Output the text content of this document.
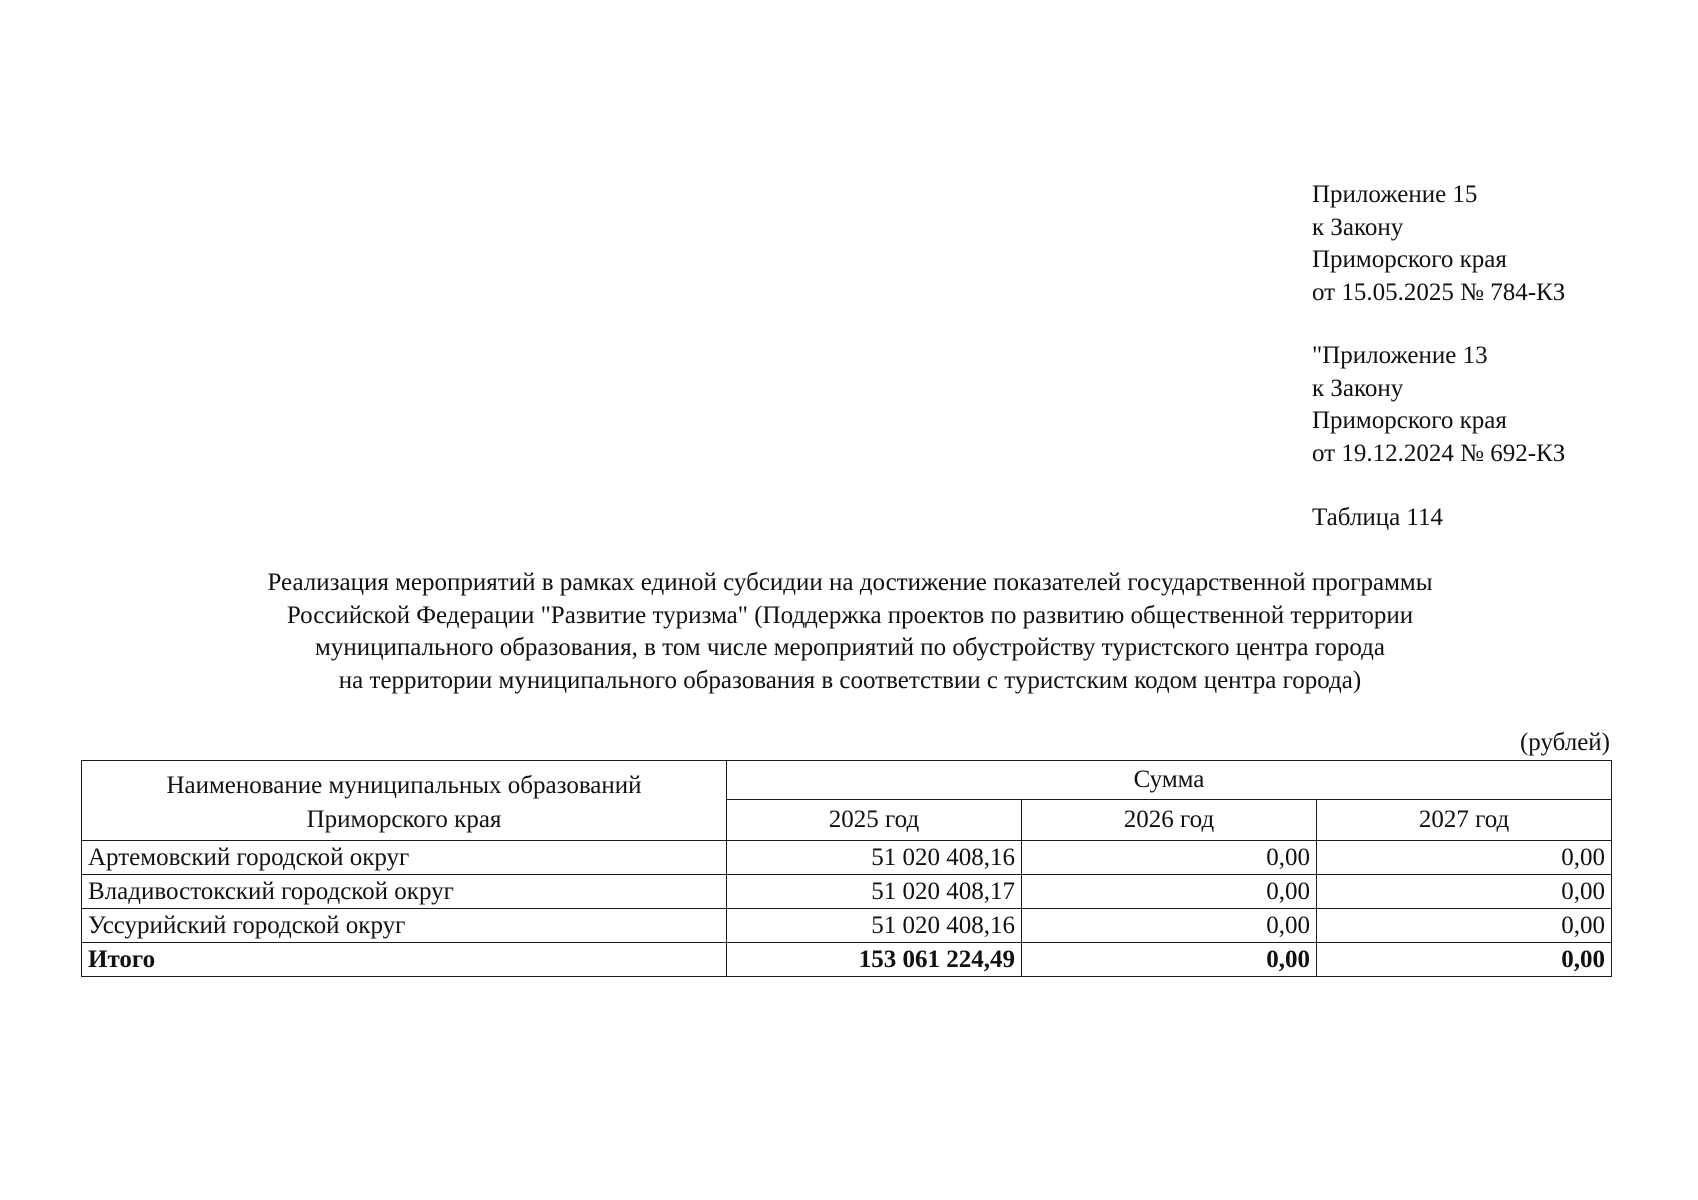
Приложение 15
к Закону
Приморского края
от 15.05.2025 № 784-КЗ
"Приложение 13
к Закону
Приморского края
от 19.12.2024 № 692-КЗ
Таблица 114
Реализация мероприятий в рамках единой субсидии на достижение показателей государственной программы
Российской Федерации "Развитие туризма" (Поддержка проектов по развитию общественной территории
муниципального образования, в том числе мероприятий по обустройству туристского центра города
на территории муниципального образования в соответствии с туристским кодом центра города)
(рублей)
Наименование муниципальных образований Приморского края	Сумма		
	2025 год	2026 год	2027 год
Артемовский городской округ	51 020 408,16	0,00	0,00
Владивостокский городской округ	51 020 408,17	0,00	0,00
Уссурийский городской округ	51 020 408,16	0,00	0,00
Итого	153 061 224,49	0,00	0,00
